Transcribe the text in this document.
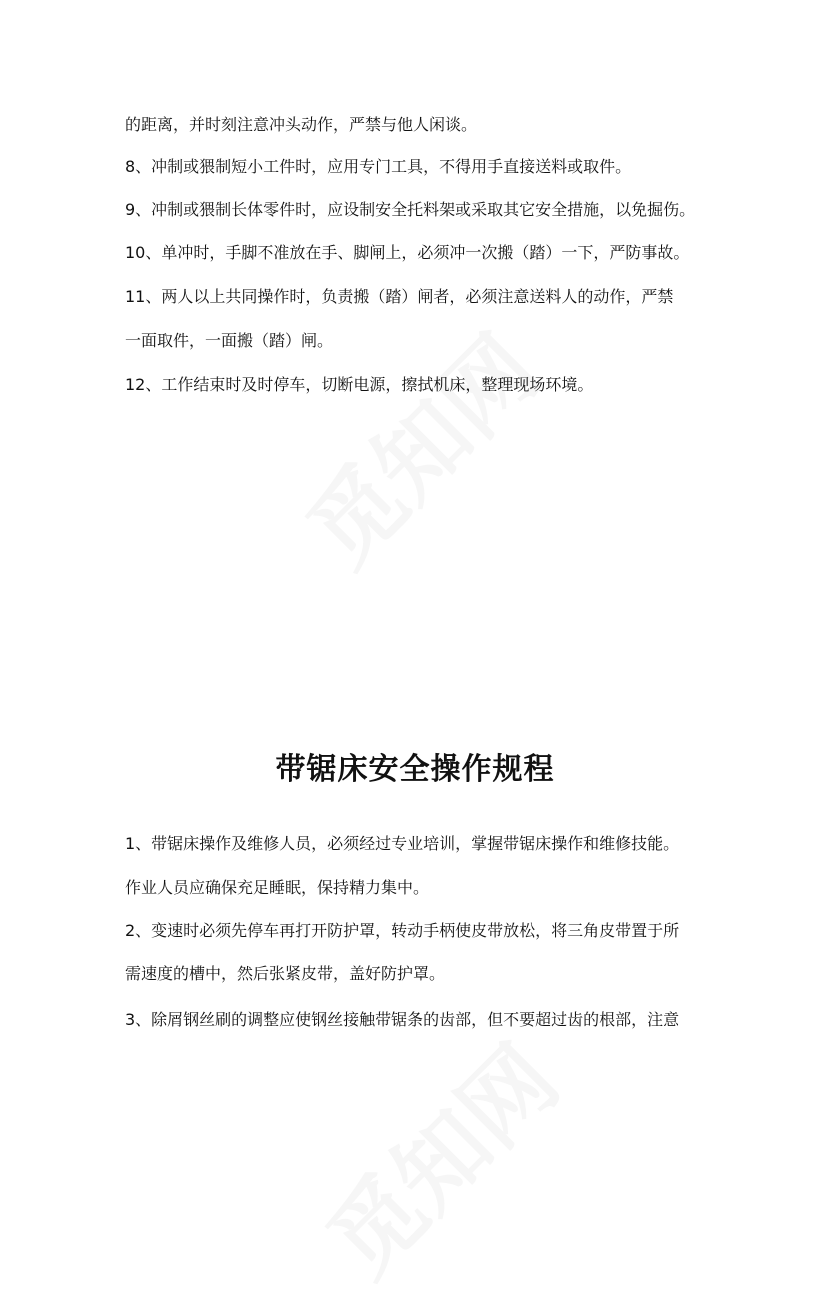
的距离，并时刻注意冲头动作，严禁与他人闲谈。
8、冲制或猥制短小工件时，应用专门工具，不得用手直接送料或取件。
9、冲制或猥制长体零件时，应设制安全托料架或采取其它安全措施，以免掘伤。
10、单冲时，手脚不准放在手、脚闸上，必须冲一次搬（踏）一下，严防事故。
11、两人以上共同操作时，负责搬（踏）闸者，必须注意送料人的动作，严禁
一面取件，一面搬（踏）闸。
12、工作结束时及时停车，切断电源，擦拭机床，整理现场环境。
带锯床安全操作规程
1、带锯床操作及维修人员，必须经过专业培训，掌握带锯床操作和维修技能。
作业人员应确保充足睡眠，保持精力集中。
2、变速时必须先停车再打开防护罩，转动手柄使皮带放松，将三角皮带置于所
需速度的槽中，然后张紧皮带，盖好防护罩。
3、除屑钢丝刷的调整应使钢丝接触带锯条的齿部，但不要超过齿的根部，注意
